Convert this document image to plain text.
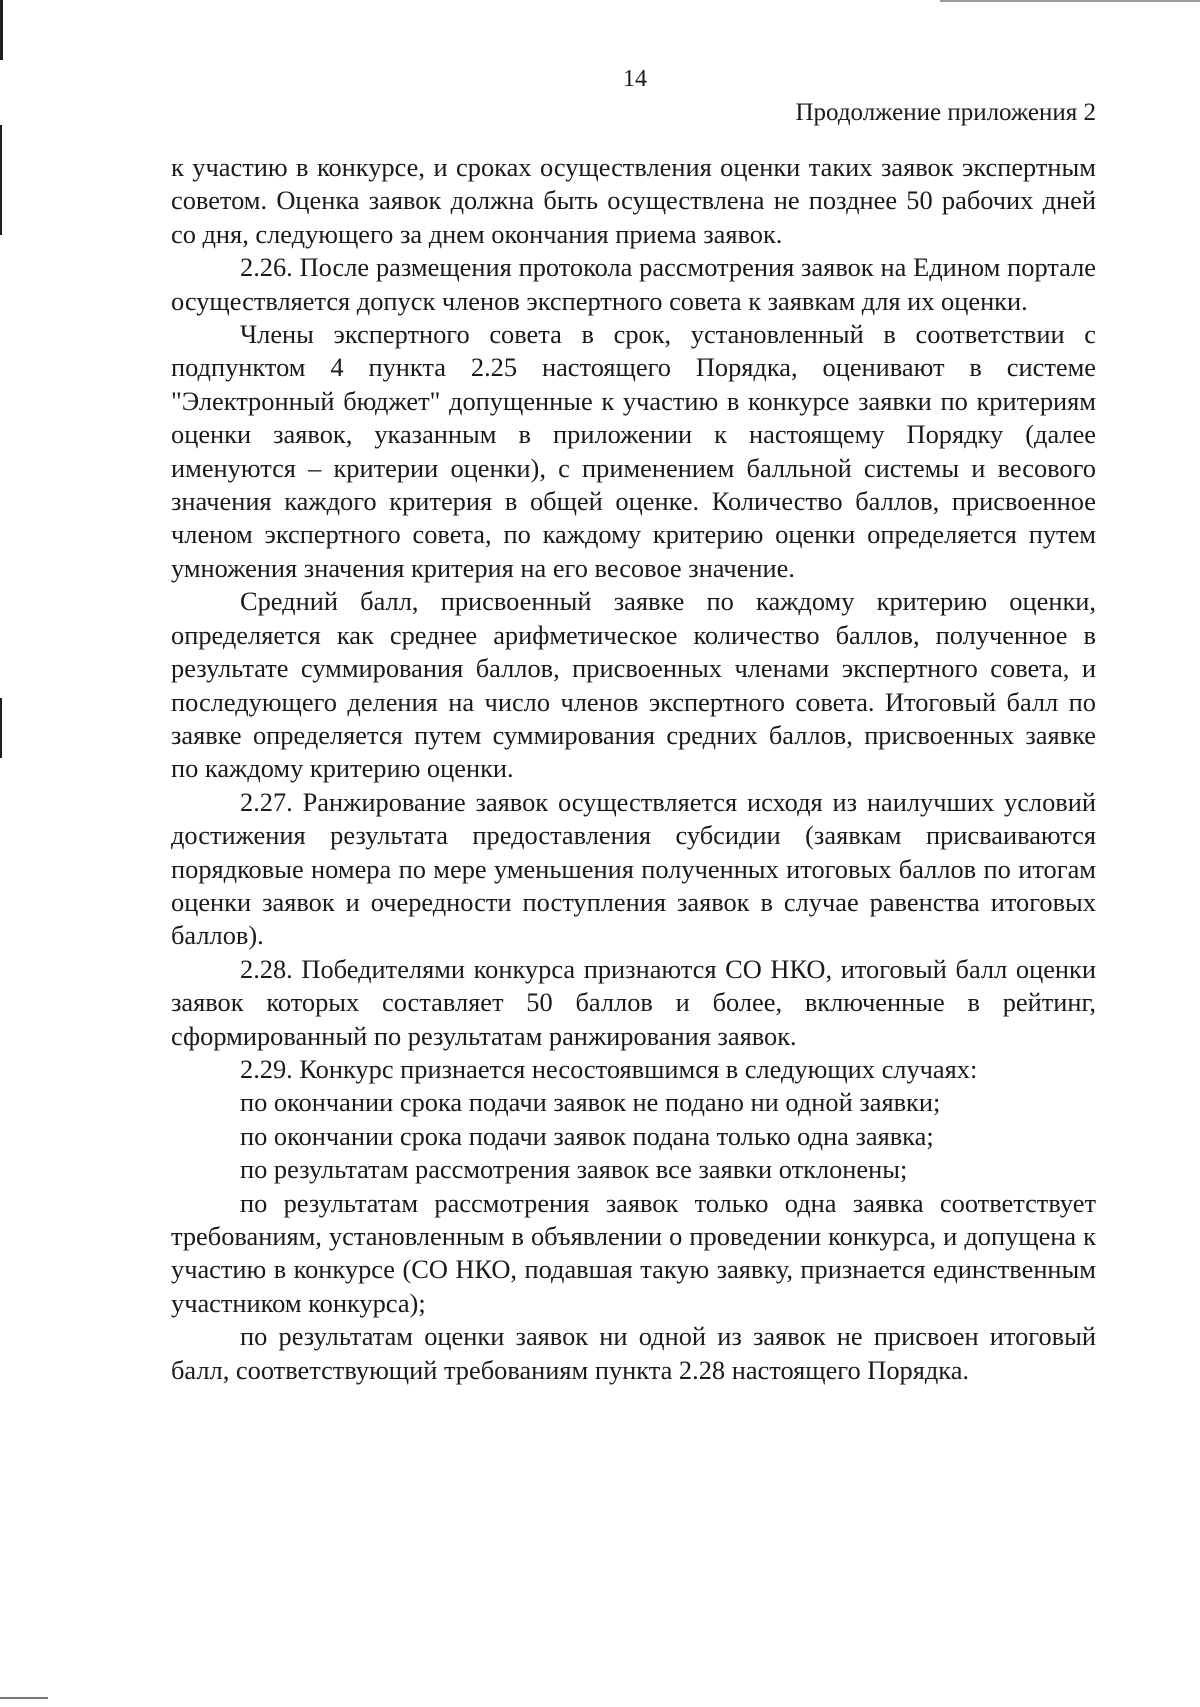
14
Продолжение приложения 2

к участию в конкурсе, и сроках осуществления оценки таких заявок экспертным советом. Оценка заявок должна быть осуществлена не позднее 50 рабочих дней со дня, следующего за днем окончания приема заявок.

2.26. После размещения протокола рассмотрения заявок на Едином портале осуществляется допуск членов экспертного совета к заявкам для их оценки.

Члены экспертного совета в срок, установленный в соответствии с подпунктом 4 пункта 2.25 настоящего Порядка, оценивают в системе "Электронный бюджет" допущенные к участию в конкурсе заявки по критериям оценки заявок, указанным в приложении к настоящему Порядку (далее именуются – критерии оценки), с применением балльной системы и весового значения каждого критерия в общей оценке. Количество баллов, присвоенное членом экспертного совета, по каждому критерию оценки определяется путем умножения значения критерия на его весовое значение.

Средний балл, присвоенный заявке по каждому критерию оценки, определяется как среднее арифметическое количество баллов, полученное в результате суммирования баллов, присвоенных членами экспертного совета, и последующего деления на число членов экспертного совета. Итоговый балл по заявке определяется путем суммирования средних баллов, присвоенных заявке по каждому критерию оценки.

2.27. Ранжирование заявок осуществляется исходя из наилучших условий достижения результата предоставления субсидии (заявкам присваиваются порядковые номера по мере уменьшения полученных итоговых баллов по итогам оценки заявок и очередности поступления заявок в случае равенства итоговых баллов).

2.28. Победителями конкурса признаются СО НКО, итоговый балл оценки заявок которых составляет 50 баллов и более, включенные в рейтинг, сформированный по результатам ранжирования заявок.

2.29. Конкурс признается несостоявшимся в следующих случаях:

по окончании срока подачи заявок не подано ни одной заявки;

по окончании срока подачи заявок подана только одна заявка;

по результатам рассмотрения заявок все заявки отклонены;

по результатам рассмотрения заявок только одна заявка соответствует требованиям, установленным в объявлении о проведении конкурса, и допущена к участию в конкурсе (СО НКО, подавшая такую заявку, признается единственным участником конкурса);

по результатам оценки заявок ни одной из заявок не присвоен итоговый балл, соответствующий требованиям пункта 2.28 настоящего Порядка.
